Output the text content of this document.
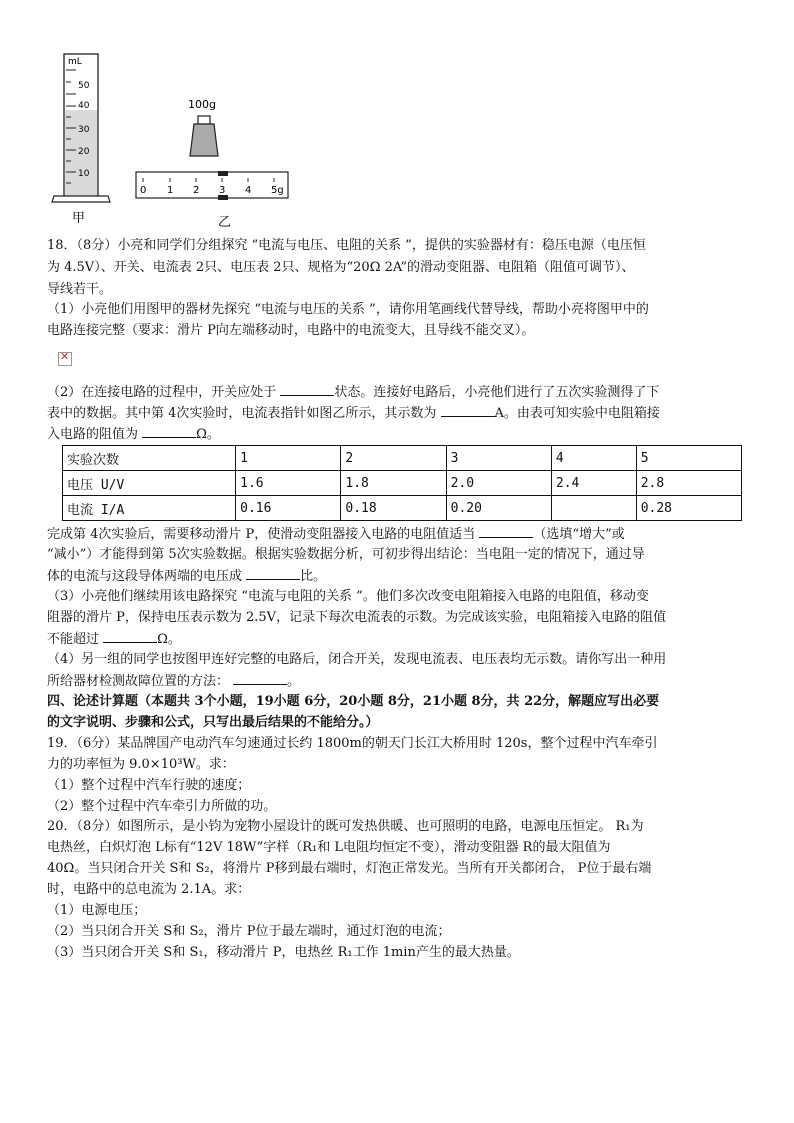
mL
50
40
30
20
10
甲
100g
0 1 2 3 4 5g
乙
18．（8分）小亮和同学们分组探究 “电流与电压、电阻的关系 ”，提供的实验器材有：稳压电源（电压恒
为 4.5V）、开关、电流表 2只、电压表 2只、规格为“20Ω 2A”的滑动变阻器、电阻箱（阻值可调节）、
导线若干。
（1）小亮他们用图甲的器材先探究 “电流与电压的关系 ”，请你用笔画线代替导线，帮助小亮将图甲中的
电路连接完整（要求：滑片 P向左端移动时，电路中的电流变大，且导线不能交叉）。
✕
（2）在连接电路的过程中，开关应处于	状态。连接好电路后，小亮他们进行了五次实验测得了下
表中的数据。其中第 4次实验时，电流表指针如图乙所示，其示数为	A。由表可知实验中电阻箱接
入电路的阻值为	Ω。
实验次数	1	2	3	4	5
电压 U/V	1.6	1.8	2.0	2.4	2.8
电流 I/A	0.16	0.18	0.20		0.28
完成第 4次实验后，需要移动滑片 P，使滑动变阻器接入电路的电阻值适当	（选填“增大”或
“减小”）才能得到第 5次实验数据。根据实验数据分析，可初步得出结论：当电阻一定的情况下，通过导
体的电流与这段导体两端的电压成	比。
（3）小亮他们继续用该电路探究 “电流与电阻的关系 ”。他们多次改变电阻箱接入电路的电阻值，移动变
阻器的滑片 P，保持电压表示数为 2.5V，记录下每次电流表的示数。为完成该实验，电阻箱接入电路的阻值
不能超过	Ω。
（4）另一组的同学也按图甲连好完整的电路后，闭合开关，发现电流表、电压表均无示数。请你写出一种用
所给器材检测故障位置的方法：	。
四、论述计算题（本题共 3个小题，19小题 6分，20小题 8分，21小题 8分，共 22分，解题应写出必要
的文字说明、步骤和公式，只写出最后结果的不能给分。）
19．（6分）某品牌国产电动汽车匀速通过长约 1800m的朝天门长江大桥用时 120s，整个过程中汽车牵引
力的功率恒为 9.0×10³W。求：
（1）整个过程中汽车行驶的速度；
（2）整个过程中汽车牵引力所做的功。
20．（8分）如图所示，是小钧为宠物小屋设计的既可发热供暖、也可照明的电路，电源电压恒定。 R₁为
电热丝，白炽灯泡 L标有“12V 18W”字样（R₁和 L电阻均恒定不变），滑动变阻器 R的最大阻值为
40Ω。当只闭合开关 S和 S₂，将滑片 P移到最右端时，灯泡正常发光。当所有开关都闭合， P位于最右端
时，电路中的总电流为 2.1A。求：
（1）电源电压；
（2）当只闭合开关 S和 S₂，滑片 P位于最左端时，通过灯泡的电流；
（3）当只闭合开关 S和 S₁，移动滑片 P，电热丝 R₁工作 1min产生的最大热量。
